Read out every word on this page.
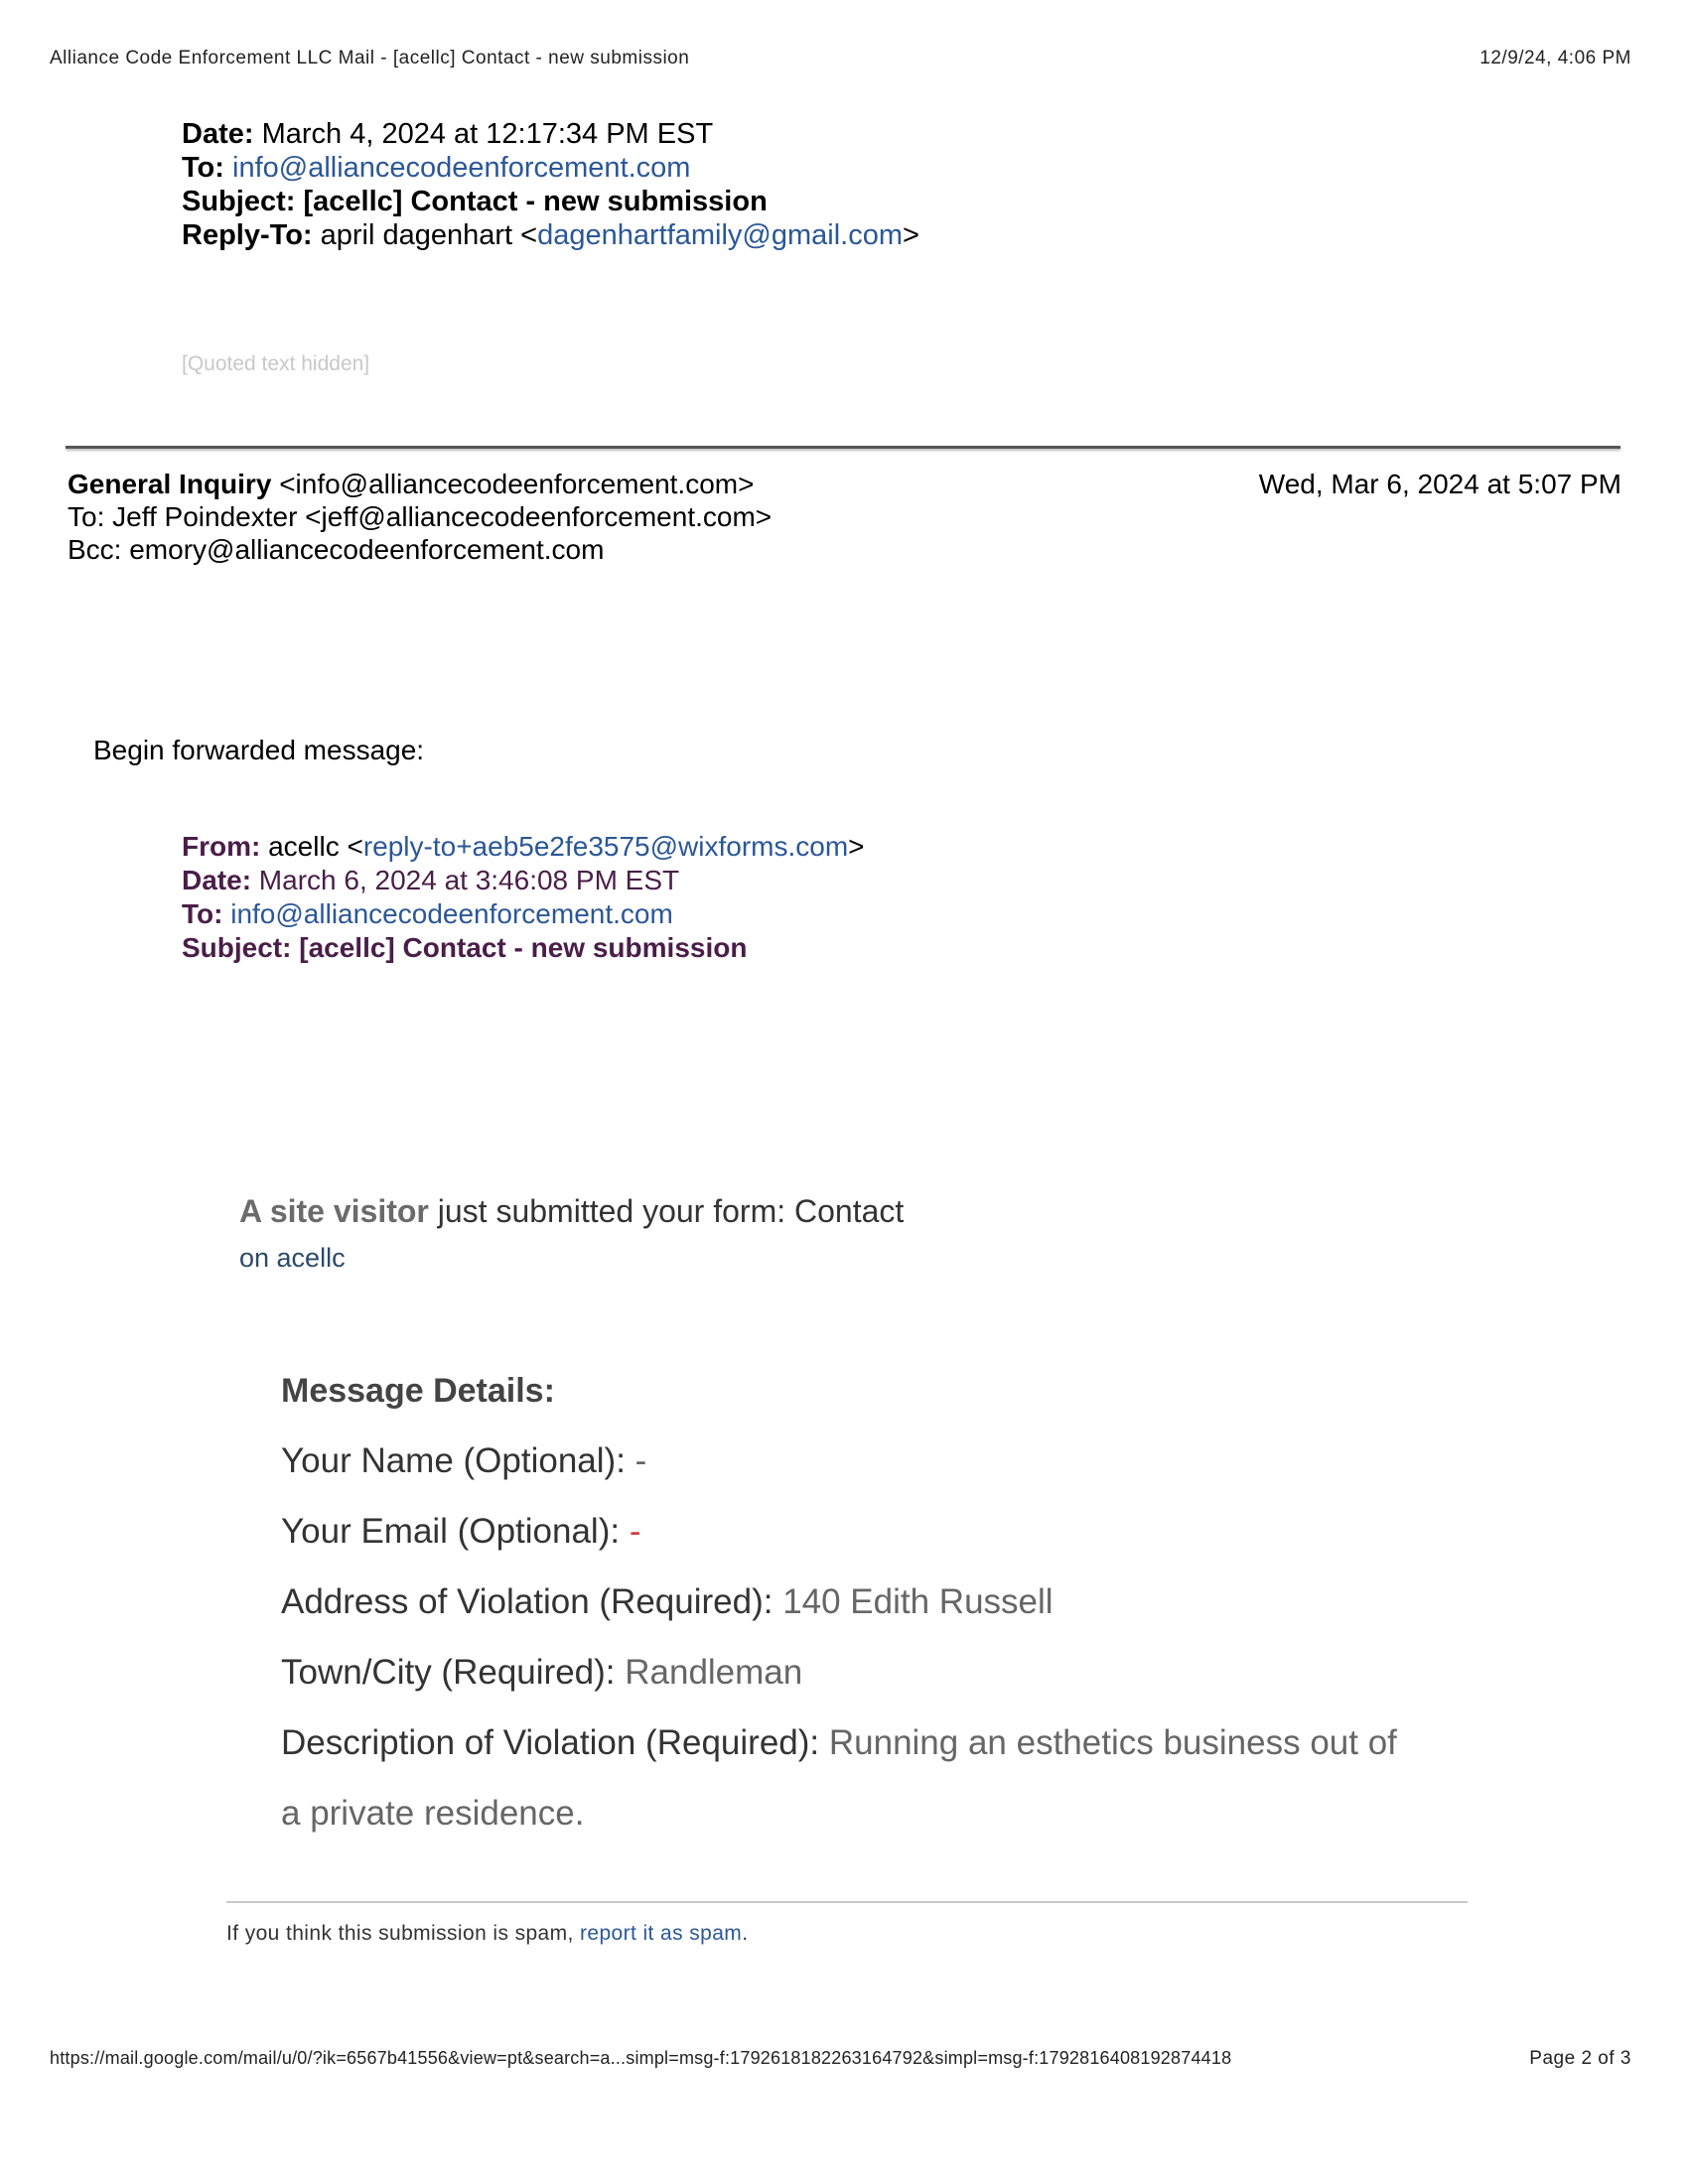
Alliance Code Enforcement LLC Mail - [acellc] Contact - new submission	12/9/24, 4:06 PM
Date: March 4, 2024 at 12:17:34 PM EST
To: info@alliancecodeenforcement.com
Subject: [acellc] Contact - new submission
Reply-To: april dagenhart <dagenhartfamily@gmail.com>
[Quoted text hidden]
General Inquiry <info@alliancecodeenforcement.com>
To: Jeff Poindexter <jeff@alliancecodeenforcement.com>
Bcc: emory@alliancecodeenforcement.com
Wed, Mar 6, 2024 at 5:07 PM
Begin forwarded message:
From: acellc <reply-to+aeb5e2fe3575@wixforms.com>
Date: March 6, 2024 at 3:46:08 PM EST
To: info@alliancecodeenforcement.com
Subject: [acellc] Contact - new submission
A site visitor just submitted your form: Contact
on acellc
Message Details:
Your Name (Optional): -
Your Email (Optional): -
Address of Violation (Required): 140 Edith Russell
Town/City (Required): Randleman
Description of Violation (Required): Running an esthetics business out of
a private residence.
If you think this submission is spam, report it as spam.
https://mail.google.com/mail/u/0/?ik=6567b41556&view=pt&search=a...simpl=msg-f:1792618182263164792&simpl=msg-f:1792816408192874418	Page 2 of 3
